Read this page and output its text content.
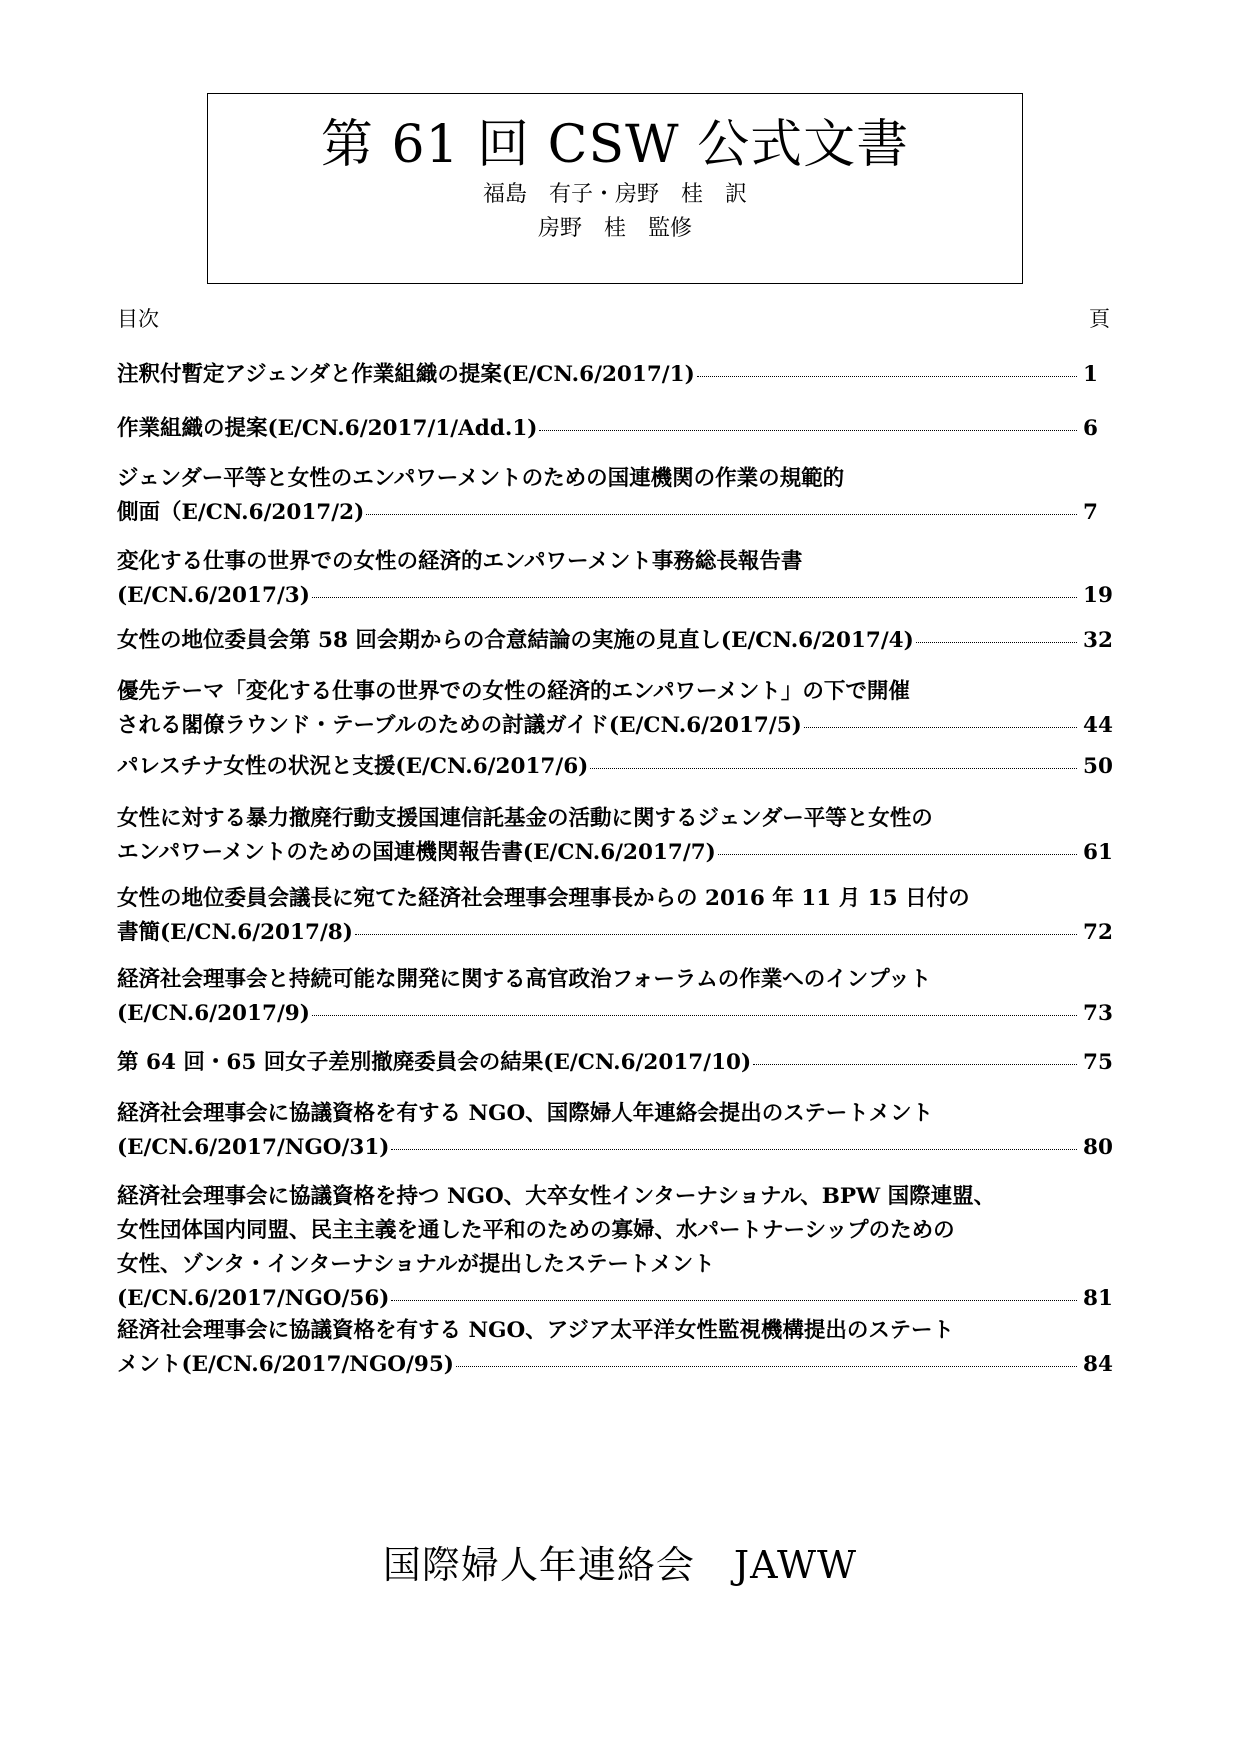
第 61 回 CSW 公式文書
福島　有子・房野　桂　訳
房野　桂　監修
目次	頁
注釈付暫定アジェンダと作業組織の提案(E/CN.6/2017/1)	1
作業組織の提案(E/CN.6/2017/1/Add.1)	6
ジェンダー平等と女性のエンパワーメントのための国連機関の作業の規範的
側面（E/CN.6/2017/2)	7
変化する仕事の世界での女性の経済的エンパワーメント事務総長報告書
(E/CN.6/2017/3)	19
女性の地位委員会第 58 回会期からの合意結論の実施の見直し(E/CN.6/2017/4)	32
優先テーマ「変化する仕事の世界での女性の経済的エンパワーメント」の下で開催
される閣僚ラウンド・テーブルのための討議ガイド(E/CN.6/2017/5)	44
パレスチナ女性の状況と支援(E/CN.6/2017/6)	50
女性に対する暴力撤廃行動支援国連信託基金の活動に関するジェンダー平等と女性の
エンパワーメントのための国連機関報告書(E/CN.6/2017/7)	61
女性の地位委員会議長に宛てた経済社会理事会理事長からの 2016 年 11 月 15 日付の
書簡(E/CN.6/2017/8)	72
経済社会理事会と持続可能な開発に関する高官政治フォーラムの作業へのインプット
(E/CN.6/2017/9)	73
第 64 回・65 回女子差別撤廃委員会の結果(E/CN.6/2017/10)	75
経済社会理事会に協議資格を有する NGO、国際婦人年連絡会提出のステートメント
(E/CN.6/2017/NGO/31)	80
経済社会理事会に協議資格を持つ NGO、大卒女性インターナショナル、BPW 国際連盟、
女性団体国内同盟、民主主義を通した平和のための寡婦、水パートナーシップのための
女性、ゾンタ・インターナショナルが提出したステートメント
(E/CN.6/2017/NGO/56)	81
経済社会理事会に協議資格を有する NGO、アジア太平洋女性監視機構提出のステート
メント(E/CN.6/2017/NGO/95)	84
国際婦人年連絡会　JAWW
